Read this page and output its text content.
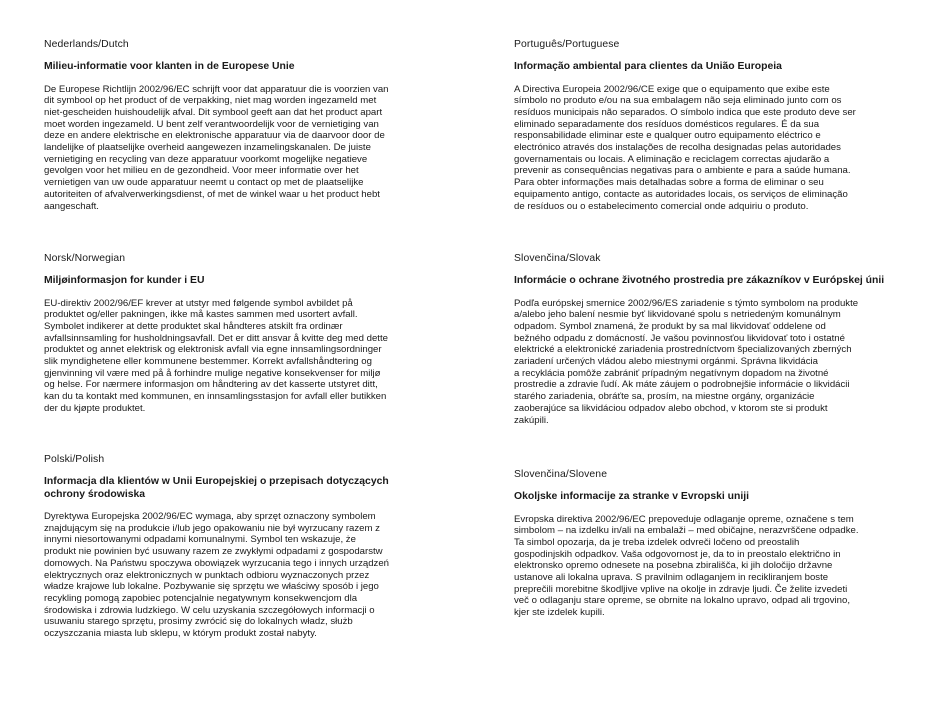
Nederlands/Dutch

Milieu-informatie voor klanten in de Europese Unie

De Europese Richtlijn 2002/96/EC schrijft voor dat apparatuur die is voorzien van
dit symbool op het product of de verpakking, niet mag worden ingezameld met
niet-gescheiden huishoudelijk afval. Dit symbool geeft aan dat het product apart
moet worden ingezameld. U bent zelf verantwoordelijk voor de vernietiging van
deze en andere elektrische en elektronische apparatuur via de daarvoor door de
landelijke of plaatselijke overheid aangewezen inzamelingskanalen. De juiste
vernietiging en recycling van deze apparatuur voorkomt mogelijke negatieve
gevolgen voor het milieu en de gezondheid. Voor meer informatie over het
vernietigen van uw oude apparatuur neemt u contact op met de plaatselijke
autoriteiten of afvalverwerkingsdienst, of met de winkel waar u het product hebt
aangeschaft.

Norsk/Norwegian

Miljøinformasjon for kunder i EU

EU-direktiv 2002/96/EF krever at utstyr med følgende symbol avbildet på
produktet og/eller pakningen, ikke må kastes sammen med usortert avfall.
Symbolet indikerer at dette produktet skal håndteres atskilt fra ordinær
avfallsinnsamling for husholdningsavfall. Det er ditt ansvar å kvitte deg med dette
produktet og annet elektrisk og elektronisk avfall via egne innsamlingsordninger
slik myndighetene eller kommunene bestemmer. Korrekt avfallshåndtering og
gjenvinning vil være med på å forhindre mulige negative konsekvenser for miljø
og helse. For nærmere informasjon om håndtering av det kasserte utstyret ditt,
kan du ta kontakt med kommunen, en innsamlingsstasjon for avfall eller butikken
der du kjøpte produktet.

Polski/Polish

Informacja dla klientów w Unii Europejskiej o przepisach dotyczących
ochrony środowiska

Dyrektywa Europejska 2002/96/EC wymaga, aby sprzęt oznaczony symbolem
znajdującym się na produkcie i/lub jego opakowaniu nie był wyrzucany razem z
innymi niesortowanymi odpadami komunalnymi. Symbol ten wskazuje, że
produkt nie powinien być usuwany razem ze zwykłymi odpadami z gospodarstw
domowych. Na Państwu spoczywa obowiązek wyrzucania tego i innych urządzeń
elektrycznych oraz elektronicznych w punktach odbioru wyznaczonych przez
władze krajowe lub lokalne. Pozbywanie się sprzętu we właściwy sposób i jego
recykling pomogą zapobiec potencjalnie negatywnym konsekwencjom dla
środowiska i zdrowia ludzkiego. W celu uzyskania szczegółowych informacji o
usuwaniu starego sprzętu, prosimy zwrócić się do lokalnych władz, służb
oczyszczania miasta lub sklepu, w którym produkt został nabyty.

Português/Portuguese

Informação ambiental para clientes da União Europeia

A Directiva Europeia 2002/96/CE exige que o equipamento que exibe este
símbolo no produto e/ou na sua embalagem não seja eliminado junto com os
resíduos municipais não separados. O símbolo indica que este produto deve ser
eliminado separadamente dos resíduos domésticos regulares. É da sua
responsabilidade eliminar este e qualquer outro equipamento eléctrico e
electrónico através dos instalações de recolha designadas pelas autoridades
governamentais ou locais. A eliminação e reciclagem correctas ajudarão a
prevenir as consequências negativas para o ambiente e para a saúde humana.
Para obter informações mais detalhadas sobre a forma de eliminar o seu
equipamento antigo, contacte as autoridades locais, os serviços de eliminação
de resíduos ou o estabelecimento comercial onde adquiriu o produto.

Slovenčina/Slovak

Informácie o ochrane životného prostredia pre zákazníkov v Európskej únii

Podľa európskej smernice 2002/96/ES zariadenie s týmto symbolom na produkte
a/alebo jeho balení nesmie byť likvidované spolu s netriedeným komunálnym
odpadom. Symbol znamená, že produkt by sa mal likvidovať oddelene od
bežného odpadu z domácností. Je vašou povinnosťou likvidovať toto i ostatné
elektrické a elektronické zariadenia prostredníctvom špecializovaných zberných
zariadení určených vládou alebo miestnymi orgánmi. Správna likvidácia
a recyklácia pomôže zabrániť prípadným negatívnym dopadom na životné
prostredie a zdravie ľudí. Ak máte záujem o podrobnejšie informácie o likvidácii
starého zariadenia, obráťte sa, prosím, na miestne orgány, organizácie
zaoberajúce sa likvidáciou odpadov alebo obchod, v ktorom ste si produkt
zakúpili.

Slovenčina/Slovene

Okoljske informacije za stranke v Evropski uniji

Evropska direktiva 2002/96/EC prepoveduje odlaganje opreme, označene s tem
simbolom – na izdelku in/ali na embalaži – med običajne, nerazvrščene odpadke.
Ta simbol opozarja, da je treba izdelek odvreči ločeno od preostalih
gospodinjskih odpadkov. Vaša odgovornost je, da to in preostalo električno in
elektronsko opremo odnesete na posebna zbirališča, ki jih določijo državne
ustanove ali lokalna uprava. S pravilnim odlaganjem in recikliranjem boste
preprečili morebitne škodljive vplive na okolje in zdravje ljudi. Če želite izvedeti
več o odlaganju stare opreme, se obrnite na lokalno upravo, odpad ali trgovino,
kjer ste izdelek kupili.
